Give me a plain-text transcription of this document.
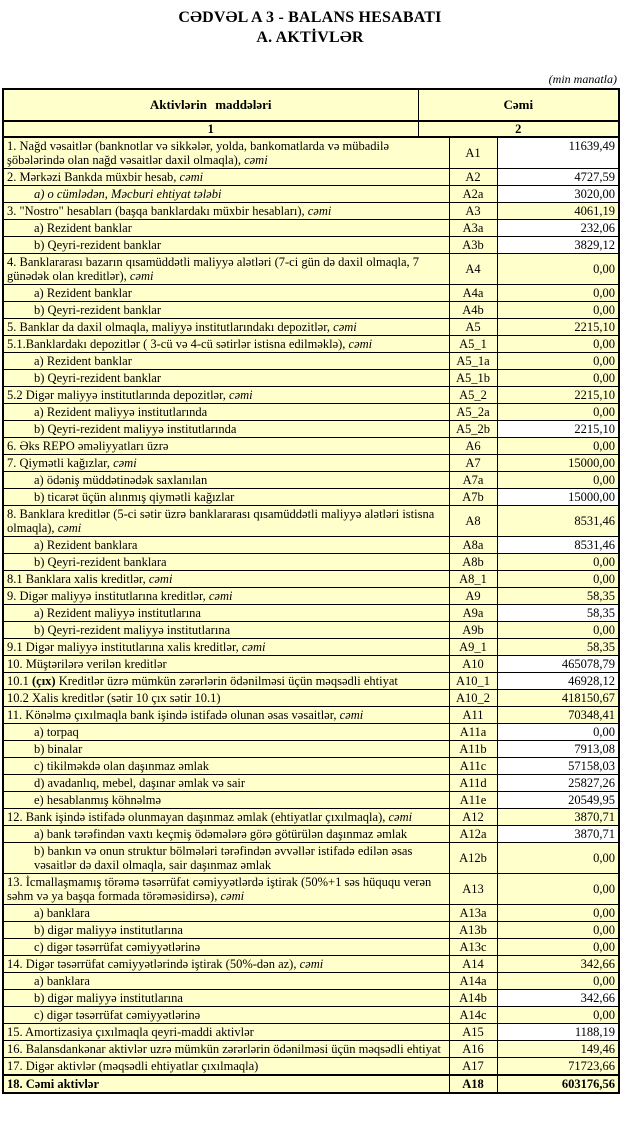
CƏDVƏL A 3 - BALANS HESABATI
A. AKTİVLƏR
(min manatla)
Aktivlərin maddələri	Cəmi		
1	2		
1. Nağd vəsaitlər (banknotlar və sikkələr, yolda, bankomatlarda və mübadilə şöbələrində olan nağd vəsaitlər daxil olmaqla), cəmi		A1	11639,49
2. Mərkəzi Bankda müxbir hesab, cəmi		A2	4727,59
a) o cümlədən, Məcburi ehtiyat tələbi		A2a	3020,00
3. "Nostro" hesabları (başqa banklardakı müxbir hesabları), cəmi		A3	4061,19
a) Rezident banklar		A3a	232,06
b) Qeyri-rezident banklar		A3b	3829,12
4. Banklararası bazarın qısamüddətli maliyyə alətləri (7-ci gün də daxil olmaqla, 7 günədək olan kreditlər), cəmi		A4	0,00
a) Rezident banklar		A4a	0,00
b) Qeyri-rezident banklar		A4b	0,00
5. Banklar da daxil olmaqla, maliyyə institutlarındakı depozitlər, cəmi		A5	2215,10
5.1.Banklardakı depozitlər ( 3-cü və 4-cü sətirlər istisna edilməklə), cəmi		A5_1	0,00
a) Rezident banklar		A5_1a	0,00
b) Qeyri-rezident banklar		A5_1b	0,00
5.2 Digər maliyyə institutlarında depozitlər, cəmi		A5_2	2215,10
a) Rezident maliyyə institutlarında		A5_2a	0,00
b) Qeyri-rezident maliyyə institutlarında		A5_2b	2215,10
6. Əks REPO əməliyyatları üzrə		A6	0,00
7. Qiymətli kağızlar, cəmi		A7	15000,00
a) ödəniş müddətinədək saxlanılan		A7a	0,00
b) ticarət üçün alınmış qiymətli kağızlar		A7b	15000,00
8. Banklara kreditlər (5-ci sətir üzrə banklararası qısamüddətli maliyyə alətləri istisna olmaqla), cəmi		A8	8531,46
a) Rezident banklara		A8a	8531,46
b) Qeyri-rezident banklara		A8b	0,00
8.1 Banklara xalis kreditlər, cəmi		A8_1	0,00
9. Digər maliyyə institutlarına kreditlər, cəmi		A9	58,35
a) Rezident maliyyə institutlarına		A9a	58,35
b) Qeyri-rezident maliyyə institutlarına		A9b	0,00
9.1 Digər maliyyə institutlarına xalis kreditlər, cəmi		A9_1	58,35
10. Müştərilərə verilən kreditlər		A10	465078,79
10.1 (çıx) Kreditlər üzrə mümkün zərərlərin ödənilməsi üçün məqsədli ehtiyat		A10_1	46928,12
10.2 Xalis kreditlər (sətir 10 çıx sətir 10.1)		A10_2	418150,67
11. Könəlmə çıxılmaqla bank işində istifadə olunan əsas vəsaitlər, cəmi		A11	70348,41
a) torpaq		A11a	0,00
b) binalar		A11b	7913,08
c) tikilməkdə olan daşınmaz əmlak		A11c	57158,03
d) avadanlıq, mebel, daşınar əmlak və sair		A11d	25827,26
e) hesablanmış köhnəlmə		A11e	20549,95
12. Bank işində istifadə olunmayan daşınmaz əmlak (ehtiyatlar çıxılmaqla), cəmi		A12	3870,71
a) bank tərəfindən vaxtı keçmiş ödəmələrə görə götürülən daşınmaz əmlak		A12a	3870,71
b) bankın və onun struktur bölmələri tərəfindən əvvəllər istifadə edilən əsas vəsaitlər də daxil olmaqla, sair daşınmaz əmlak		A12b	0,00
13. İcmallaşmamış törəmə təsərrüfat cəmiyyətlərdə iştirak (50%+1 səs hüququ verən səhm və ya başqa formada törəməsidirsə), cəmi		A13	0,00
a) banklara		A13a	0,00
b) digər maliyyə institutlarına		A13b	0,00
c) digər təsərrüfat cəmiyyətlərinə		A13c	0,00
14. Digər təsərrüfat cəmiyyətlərində iştirak (50%-dən az), cəmi		A14	342,66
a) banklara		A14a	0,00
b) digər maliyyə institutlarına		A14b	342,66
c) digər təsərrüfat cəmiyyətlərinə		A14c	0,00
15. Amortizasiya çıxılmaqla qeyri-maddi aktivlər		A15	1188,19
16. Balansdankənar aktivlər uzrə mümkün zərərlərin ödənilməsi üçün məqsədli ehtiyat		A16	149,46
17. Digər aktivlər (məqsədli ehtiyatlar çıxılmaqla)		A17	71723,66
18. Cəmi aktivlər		A18	603176,56
